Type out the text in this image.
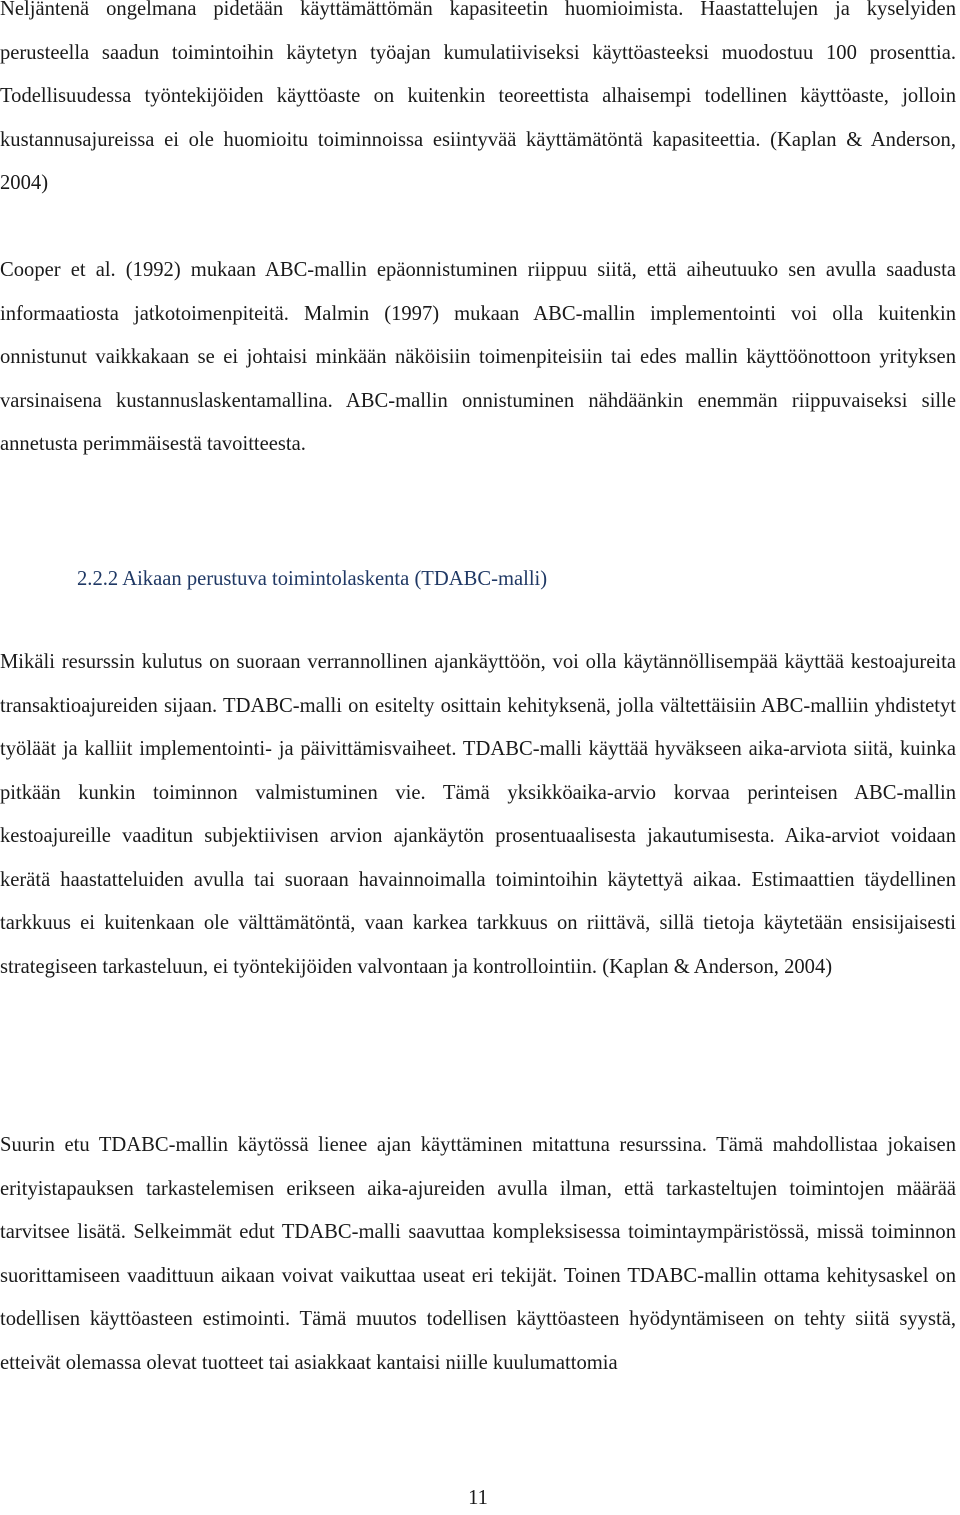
Neljäntenä ongelmana pidetään käyttämättömän kapasiteetin huomioimista. Haastattelujen ja kyselyiden perusteella saadun toimintoihin käytetyn työajan kumulatiiviseksi käyttöasteeksi muodostuu 100 prosenttia. Todellisuudessa työntekijöiden käyttöaste on kuitenkin teoreettista alhaisempi todellinen käyttöaste, jolloin kustannusajureissa ei ole huomioitu toiminnoissa esiintyvää käyttämätöntä kapasiteettia. (Kaplan & Anderson, 2004)

Cooper et al. (1992) mukaan ABC-mallin epäonnistuminen riippuu siitä, että aiheutuuko sen avulla saadusta informaatiosta jatkotoimenpiteitä. Malmin (1997) mukaan ABC-mallin implementointi voi olla kuitenkin onnistunut vaikkakaan se ei johtaisi minkään näköisiin toimenpiteisiin tai edes mallin käyttöönottoon yrityksen varsinaisena kustannuslaskentamallina. ABC-mallin onnistuminen nähdäänkin enemmän riippuvaiseksi sille annetusta perimmäisestä tavoitteesta.

2.2.2 Aikaan perustuva toimintolaskenta (TDABC-malli)

Mikäli resurssin kulutus on suoraan verrannollinen ajankäyttöön, voi olla käytännöllisempää käyttää kestoajureita transaktioajureiden sijaan. TDABC-malli on esitelty osittain kehityksenä, jolla vältettäisiin ABC-malliin yhdistetyt työläät ja kalliit implementointi- ja päivittämisvaiheet. TDABC-malli käyttää hyväkseen aika-arviota siitä, kuinka pitkään kunkin toiminnon valmistuminen vie. Tämä yksikköaika-arvio korvaa perinteisen ABC-mallin kestoajureille vaaditun subjektiivisen arvion ajankäytön prosentuaalisesta jakautumisesta. Aika-arviot voidaan kerätä haastatteluiden avulla tai suoraan havainnoimalla toimintoihin käytettyä aikaa. Estimaattien täydellinen tarkkuus ei kuitenkaan ole välttämätöntä, vaan karkea tarkkuus on riittävä, sillä tietoja käytetään ensisijaisesti strategiseen tarkasteluun, ei työntekijöiden valvontaan ja kontrollointiin. (Kaplan & Anderson, 2004)

Suurin etu TDABC-mallin käytössä lienee ajan käyttäminen mitattuna resurssina. Tämä mahdollistaa jokaisen erityistapauksen tarkastelemisen erikseen aika-ajureiden avulla ilman, että tarkasteltujen toimintojen määrää tarvitsee lisätä. Selkeimmät edut TDABC-malli saavuttaa kompleksisessa toimintaympäristössä, missä toiminnon suorittamiseen vaadittuun aikaan voivat vaikuttaa useat eri tekijät. Toinen TDABC-mallin ottama kehitysaskel on todellisen käyttöasteen estimointi. Tämä muutos todellisen käyttöasteen hyödyntämiseen on tehty siitä syystä, etteivät olemassa olevat tuotteet tai asiakkaat kantaisi niille kuulumattomia

11
